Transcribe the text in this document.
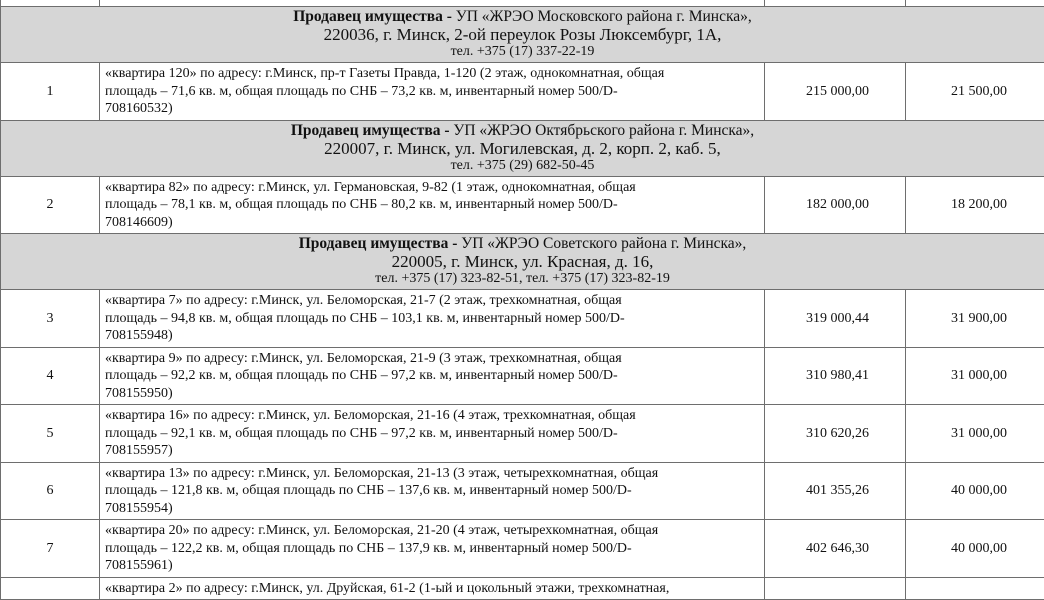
Продавец имущества - УП «ЖРЭО Московского района г. Минска»,
220036, г. Минск, 2-ой переулок Розы Люксембург, 1А,
тел. +375 (17) 337-22-19			

1	«квартира 120» по адресу: г.Минск, пр-т Газеты Правда, 1-120 (2 этаж, однокомнатная, общая
площадь – 71,6 кв. м, общая площадь по СНБ – 73,2 кв. м, инвентарный номер 500/D-
708160532)	215 000,00	21 500,00

Продавец имущества - УП «ЖРЭО Октябрьского района г. Минска»,
220007, г. Минск, ул. Могилевская, д. 2, корп. 2, каб. 5,
тел. +375 (29) 682-50-45			

2	«квартира 82» по адресу: г.Минск, ул. Германовская, 9-82 (1 этаж, однокомнатная, общая
площадь – 78,1 кв. м, общая площадь по СНБ – 80,2 кв. м, инвентарный номер 500/D-
708146609)	182 000,00	18 200,00

Продавец имущества - УП «ЖРЭО Советского района г. Минска»,
220005, г. Минск, ул. Красная, д. 16,
тел. +375 (17) 323-82-51, тел. +375 (17) 323-82-19			

3	«квартира 7» по адресу: г.Минск, ул. Беломорская, 21-7 (2 этаж, трехкомнатная, общая
площадь – 94,8 кв. м, общая площадь по СНБ – 103,1 кв. м, инвентарный номер 500/D-
708155948)	319 000,44	31 900,00
4	«квартира 9» по адресу: г.Минск, ул. Беломорская, 21-9 (3 этаж, трехкомнатная, общая
площадь – 92,2 кв. м, общая площадь по СНБ – 97,2 кв. м, инвентарный номер 500/D-
708155950)	310 980,41	31 000,00
5	«квартира 16» по адресу: г.Минск, ул. Беломорская, 21-16 (4 этаж, трехкомнатная, общая
площадь – 92,1 кв. м, общая площадь по СНБ – 97,2 кв. м, инвентарный номер 500/D-
708155957)	310 620,26	31 000,00
6	«квартира 13» по адресу: г.Минск, ул. Беломорская, 21-13 (3 этаж, четырехкомнатная, общая
площадь – 121,8 кв. м, общая площадь по СНБ – 137,6 кв. м, инвентарный номер 500/D-
708155954)	401 355,26	40 000,00
7	«квартира 20» по адресу: г.Минск, ул. Беломорская, 21-20 (4 этаж, четырехкомнатная, общая
площадь – 122,2 кв. м, общая площадь по СНБ – 137,9 кв. м, инвентарный номер 500/D-
708155961)	402 646,30	40 000,00

	«квартира 2» по адресу: г.Минск, ул. Друйская, 61-2 (1-ый и цокольный этажи, трехкомнатная,		
